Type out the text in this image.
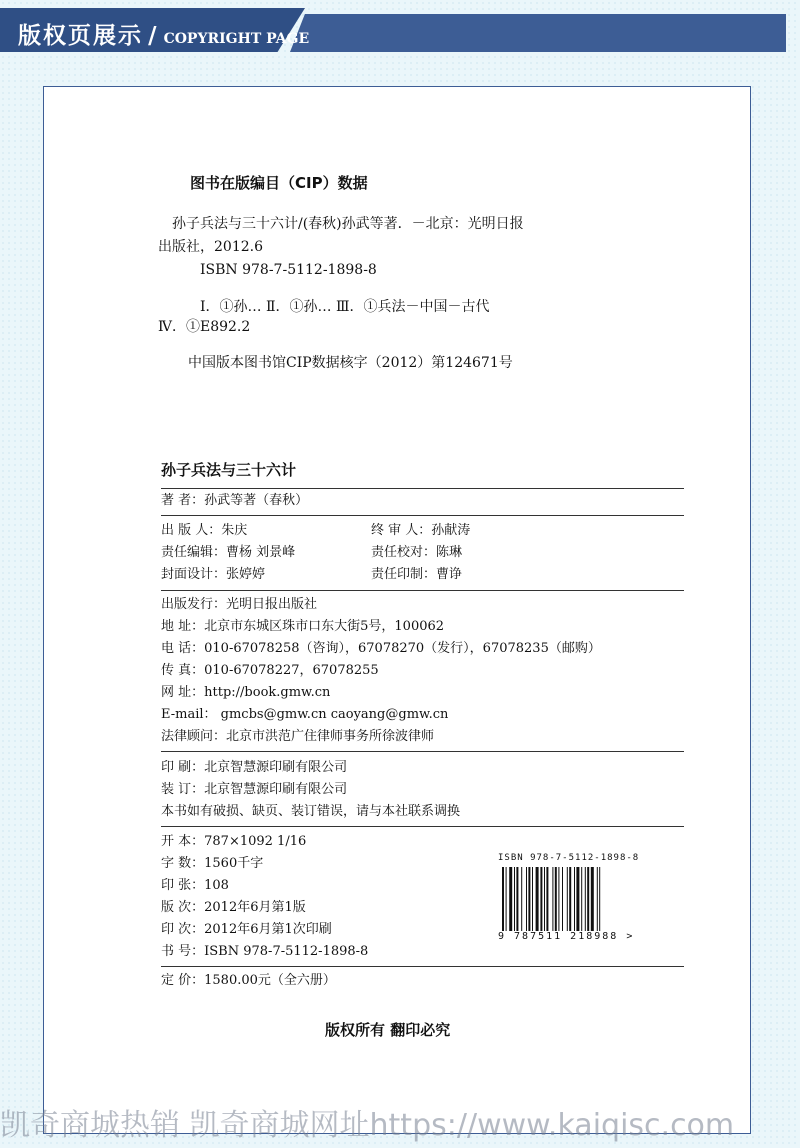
版权页展示 / COPYRIGHT PAGE
图书在版编目（CIP）数据
孙子兵法与三十六计/(春秋)孙武等著．－北京：光明日报
出版社，2012.6
ISBN 978-7-5112-1898-8
Ⅰ．①孙… Ⅱ．①孙… Ⅲ．①兵法－中国－古代
Ⅳ．①E892.2
中国版本图书馆CIP数据核字（2012）第124671号
孙子兵法与三十六计
著 者：孙武等著（春秋）
出 版 人：朱庆	终 审 人：孙献涛
责任编辑：曹杨 刘景峰	责任校对：陈琳
封面设计：张婷婷	责任印制：曹诤
出版发行：光明日报出版社
地 址：北京市东城区珠市口东大街5号，100062
电 话：010-67078258（咨询），67078270（发行），67078235（邮购）
传 真：010-67078227，67078255
网 址：http://book.gmw.cn
E-mail： gmcbs@gmw.cn caoyang@gmw.cn
法律顾问：北京市洪范广住律师事务所徐波律师
印 刷：北京智慧源印刷有限公司
装 订：北京智慧源印刷有限公司
本书如有破损、缺页、装订错误，请与本社联系调换
开 本：787×1092 1/16
字 数：1560千字
印 张：108
版 次：2012年6月第1版
印 次：2012年6月第1次印刷
书 号：ISBN 978-7-5112-1898-8
定 价：1580.00元（全六册）
ISBN 978-7-5112-1898-8
9 787511 218988 >
版权所有 翻印必究
凯奇商城热销 凯奇商城网址https://www.kaiqisc.com
